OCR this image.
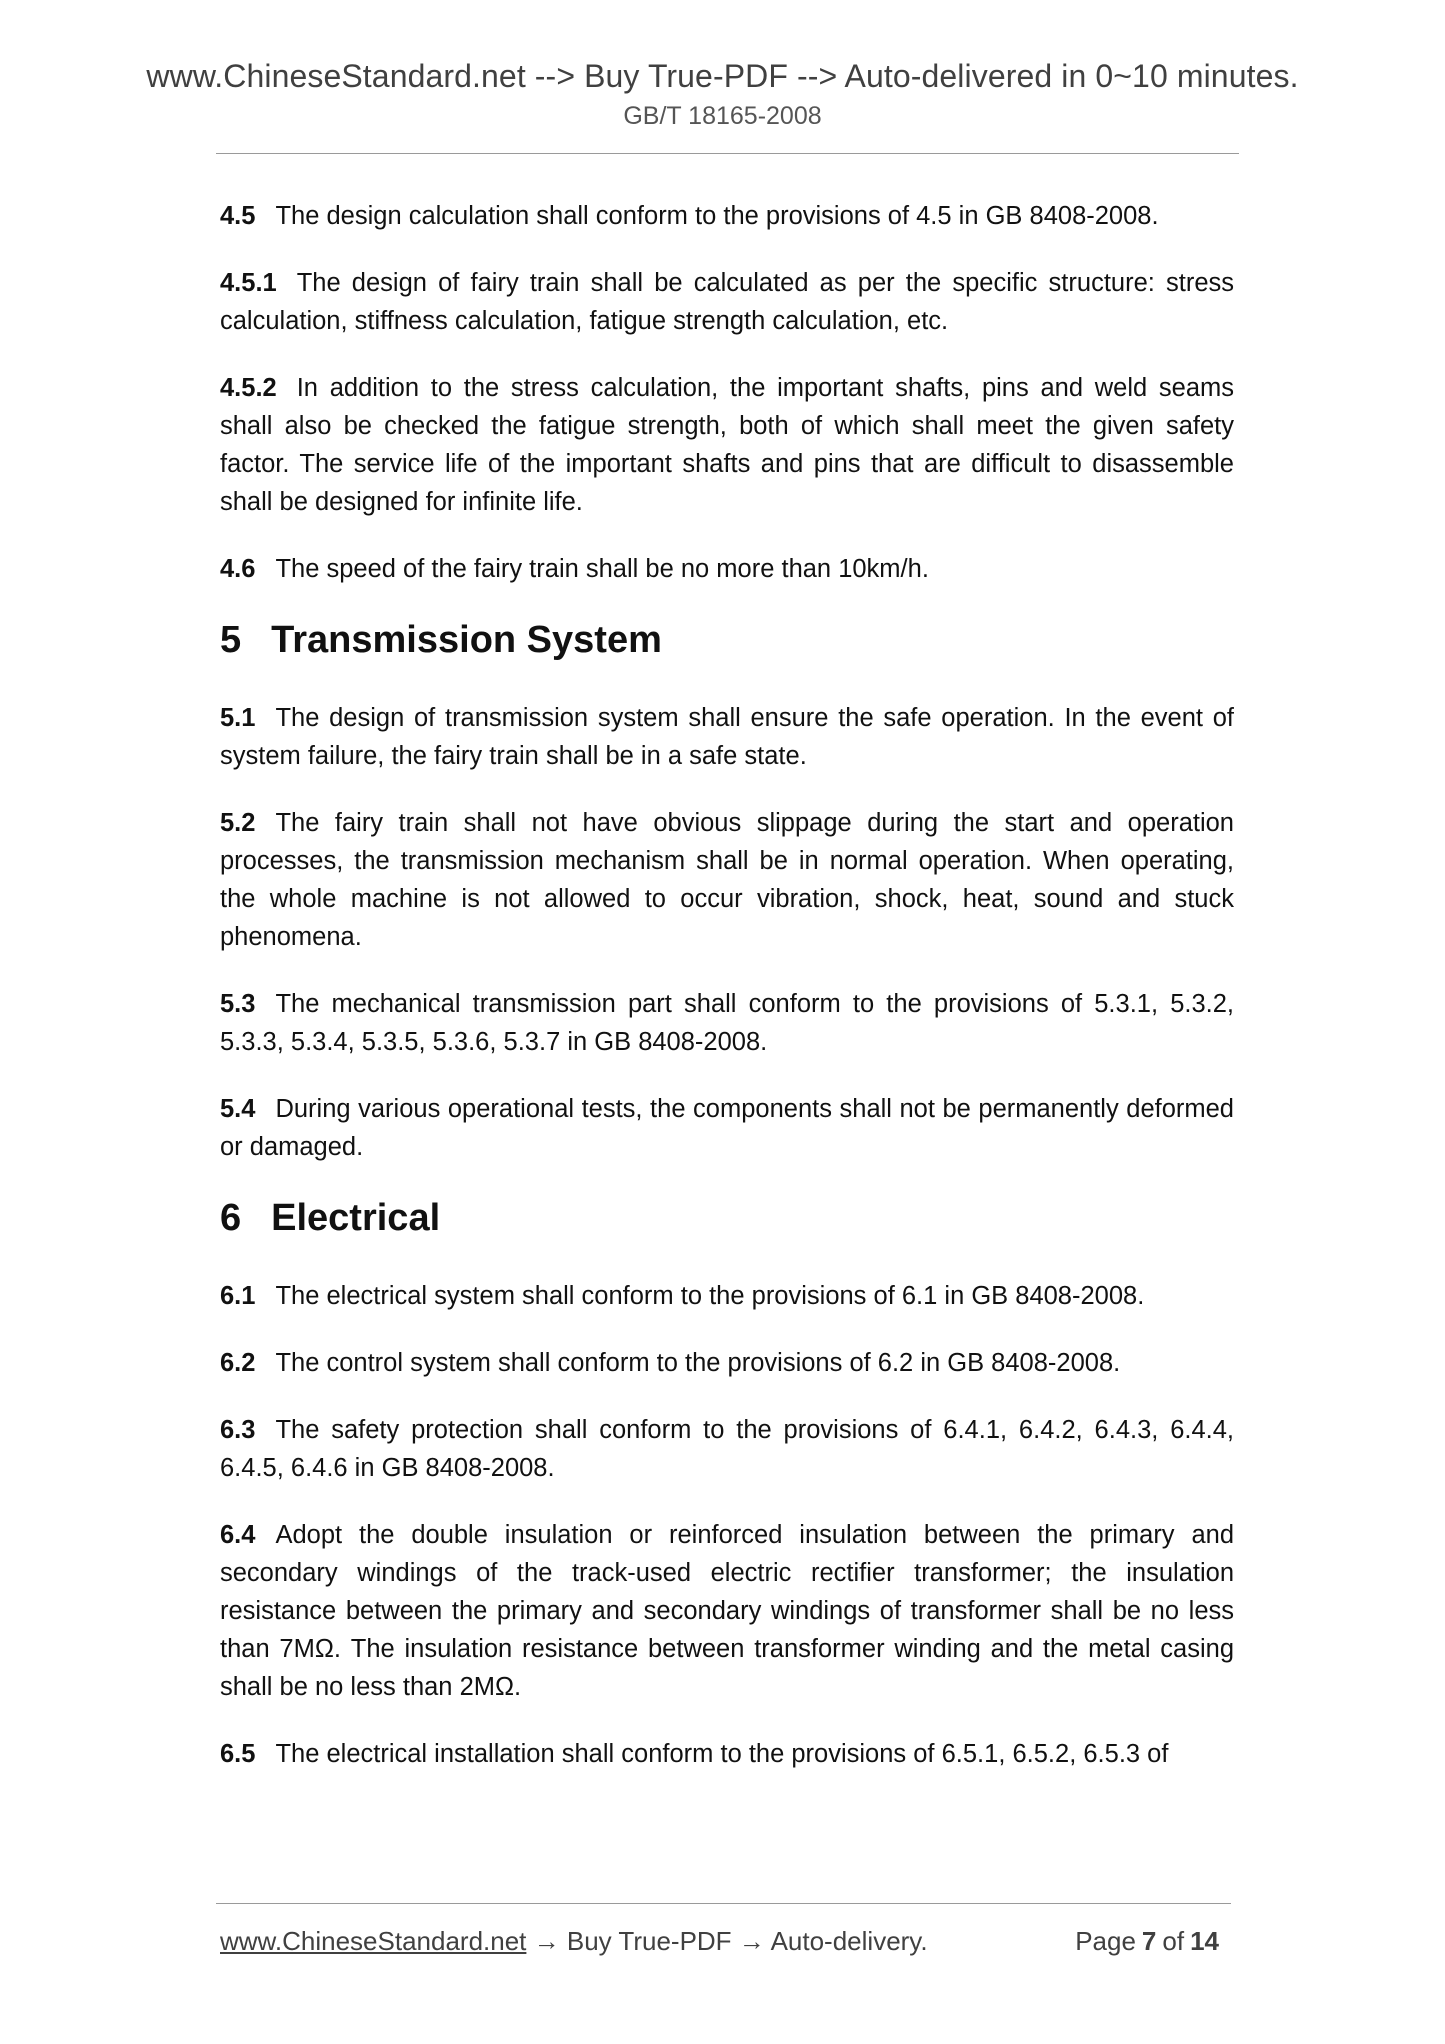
www.ChineseStandard.net --> Buy True-PDF --> Auto-delivered in 0~10 minutes.
GB/T 18165-2008

4.5 The design calculation shall conform to the provisions of 4.5 in GB 8408-2008.

4.5.1 The design of fairy train shall be calculated as per the specific structure: stress calculation, stiffness calculation, fatigue strength calculation, etc.

4.5.2 In addition to the stress calculation, the important shafts, pins and weld seams shall also be checked the fatigue strength, both of which shall meet the given safety factor. The service life of the important shafts and pins that are difficult to disassemble shall be designed for infinite life.

4.6 The speed of the fairy train shall be no more than 10km/h.

5 Transmission System

5.1 The design of transmission system shall ensure the safe operation. In the event of system failure, the fairy train shall be in a safe state.

5.2 The fairy train shall not have obvious slippage during the start and operation processes, the transmission mechanism shall be in normal operation. When operating, the whole machine is not allowed to occur vibration, shock, heat, sound and stuck phenomena.

5.3 The mechanical transmission part shall conform to the provisions of 5.3.1, 5.3.2, 5.3.3, 5.3.4, 5.3.5, 5.3.6, 5.3.7 in GB 8408-2008.

5.4 During various operational tests, the components shall not be permanently deformed or damaged.

6 Electrical

6.1 The electrical system shall conform to the provisions of 6.1 in GB 8408-2008.

6.2 The control system shall conform to the provisions of 6.2 in GB 8408-2008.

6.3 The safety protection shall conform to the provisions of 6.4.1, 6.4.2, 6.4.3, 6.4.4, 6.4.5, 6.4.6 in GB 8408-2008.

6.4 Adopt the double insulation or reinforced insulation between the primary and secondary windings of the track-used electric rectifier transformer; the insulation resistance between the primary and secondary windings of transformer shall be no less than 7MΩ. The insulation resistance between transformer winding and the metal casing shall be no less than 2MΩ.

6.5 The electrical installation shall conform to the provisions of 6.5.1, 6.5.2, 6.5.3 of

www.ChineseStandard.net → Buy True-PDF → Auto-delivery.	Page 7 of 14
